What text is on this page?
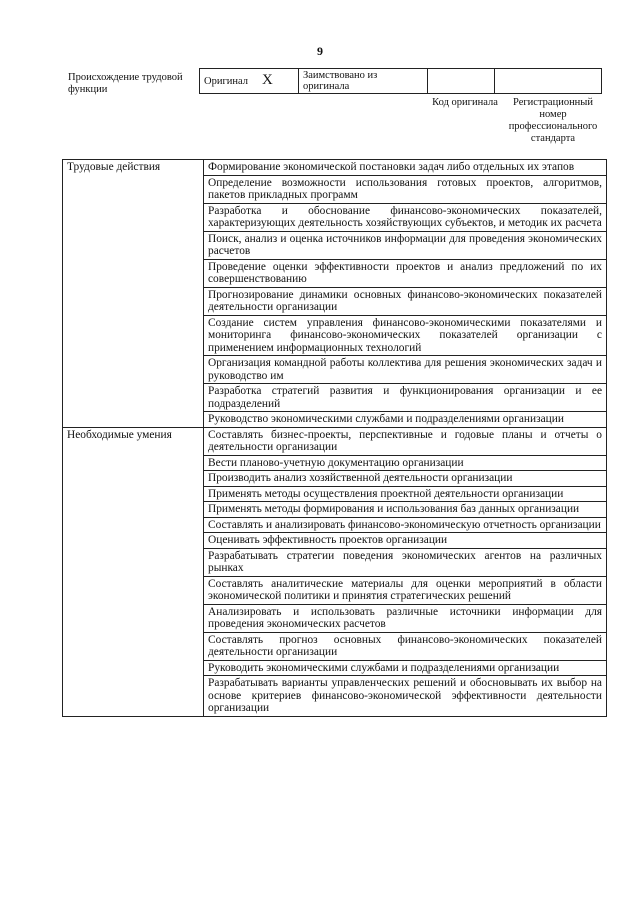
9
Происхождение трудовой функции
Оригинал X	Заимствовано из оригинала		
Код оригинала	Регистрационный номер профессионального стандарта
Трудовые действия	Формирование экономической постановки задач либо отдельных их этапов
	Определение возможности использования готовых проектов, алгоритмов, пакетов прикладных программ
	Разработка и обоснование финансово-экономических показателей, характеризующих деятельность хозяйствующих субъектов, и методик их расчета
	Поиск, анализ и оценка источников информации для проведения экономических расчетов
	Проведение оценки эффективности проектов и анализ предложений по их совершенствованию
	Прогнозирование динамики основных финансово-экономических показателей деятельности организации
	Создание систем управления финансово-экономическими показателями и мониторинга финансово-экономических показателей организации с применением информационных технологий
	Организация командной работы коллектива для решения экономических задач и руководство им
	Разработка стратегий развития и функционирования организации и ее подразделений
	Руководство экономическими службами и подразделениями организации
Необходимые умения	Составлять бизнес-проекты, перспективные и годовые планы и отчеты о деятельности организации
	Вести планово-учетную документацию организации
	Производить анализ хозяйственной деятельности организации
	Применять методы осуществления проектной деятельности организации
	Применять методы формирования и использования баз данных организации
	Составлять и анализировать финансово-экономическую отчетность организации
	Оценивать эффективность проектов организации
	Разрабатывать стратегии поведения экономических агентов на различных рынках
	Составлять аналитические материалы для оценки мероприятий в области экономической политики и принятия стратегических решений
	Анализировать и использовать различные источники информации для проведения экономических расчетов
	Составлять прогноз основных финансово-экономических показателей деятельности организации
	Руководить экономическими службами и подразделениями организации
	Разрабатывать варианты управленческих решений и обосновывать их выбор на основе критериев финансово-экономической эффективности деятельности организации
